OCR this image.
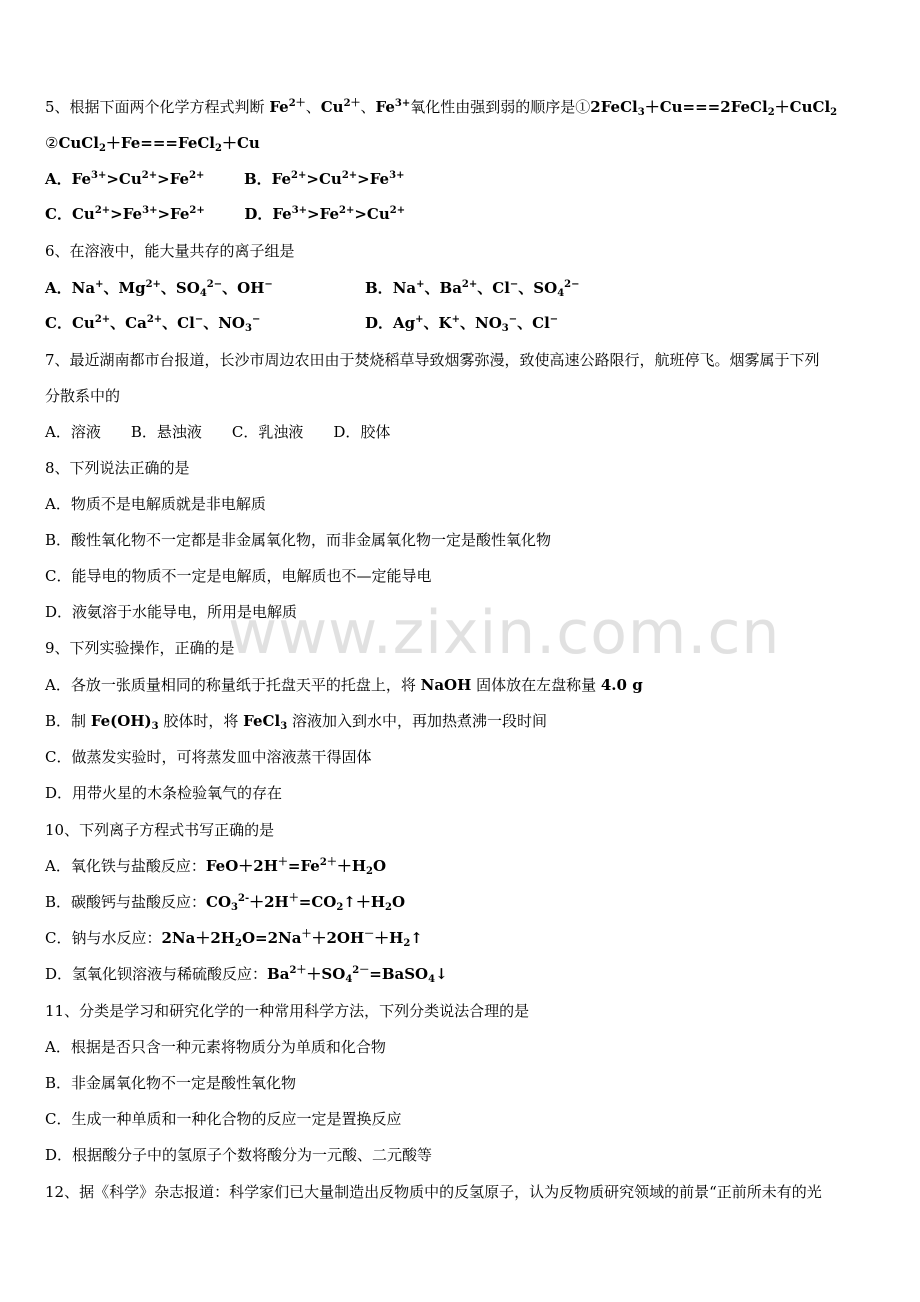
www.zixin.com.cn
5、根据下面两个化学方程式判断 $Fe^{2+}$、$Cu^{2+}$、$Fe^{3+}$氧化性由强到弱的顺序是①2FeCl$_3$＋Cu===2FeCl$_2$＋CuCl$_2$
②CuCl$_2$＋Fe===FeCl$_2$＋Cu
A．$Fe^{3+}>Cu^{2+}>Fe^{2+}$	B．$Fe^{2+}>Cu^{2+}>Fe^{3+}$
C．$Cu^{2+}>Fe^{3+}>Fe^{2+}$	D．$Fe^{3+}>Fe^{2+}>Cu^{2+}$
6、在溶液中，能大量共存的离子组是
A．Na+、$Mg^{2+}$、$SO_4^{2-}$、OH−	B．Na+、$Ba^{2+}$、Cl−、$SO_4^{2-}$
C．$Cu^{2+}$、$Ca^{2+}$、Cl−、$NO_3^-$	D．Ag+、K+、$NO_3^-$、Cl−
7、最近湖南都市台报道，长沙市周边农田由于焚烧稻草导致烟雾弥漫，致使高速公路限行，航班停飞。烟雾属于下列
分散系中的
A．溶液　　B．悬浊液　　C．乳浊液　　D．胶体
8、下列说法正确的是
A．物质不是电解质就是非电解质
B．酸性氧化物不一定都是非金属氧化物，而非金属氧化物一定是酸性氧化物
C．能导电的物质不一定是电解质，电解质也不—定能导电
D．液氨溶于水能导电，所用是电解质
9、下列实验操作，正确的是
A．各放一张质量相同的称量纸于托盘天平的托盘上，将 NaOH 固体放在左盘称量 4.0 g
B．制 $Fe(OH)_3$ 胶体时，将 FeCl$_3$ 溶液加入到水中，再加热煮沸一段时间
C．做蒸发实验时，可将蒸发皿中溶液蒸干得固体
D．用带火星的木条检验氧气的存在
10、下列离子方程式书写正确的是
A．氧化铁与盐酸反应：$FeO+2H^+=Fe^{2+}+H_2O$
B．碳酸钙与盐酸反应：$CO_3^{2-}+2H^+=CO_2↑+H_2O$
C．钠与水反应：$2Na+2H_2O=2Na^++2OH^-+H_2↑$
D．氢氧化钡溶液与稀硫酸反应：$Ba^{2+}+SO_4^{2-}=BaSO_4↓$
11、分类是学习和研究化学的一种常用科学方法，下列分类说法合理的是
A．根据是否只含一种元素将物质分为单质和化合物
B．非金属氧化物不一定是酸性氧化物
C．生成一种单质和一种化合物的反应一定是置换反应
D．根据酸分子中的氢原子个数将酸分为一元酸、二元酸等
12、据《科学》杂志报道：科学家们已大量制造出反物质中的反氢原子，认为反物质研究领域的前景“正前所未有的光
